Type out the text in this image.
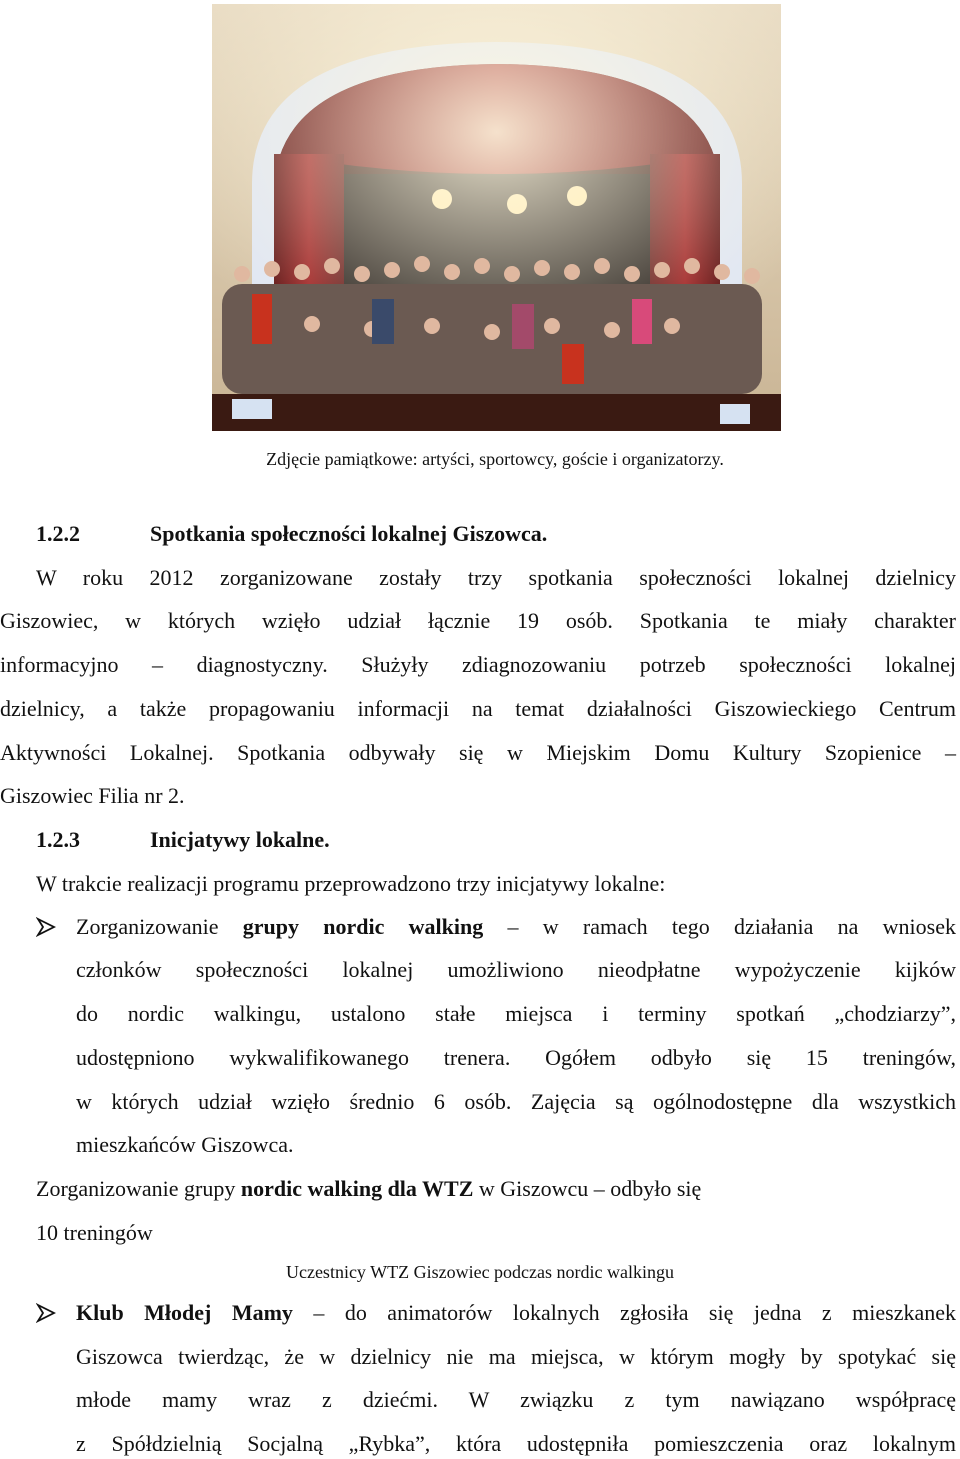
Zdjęcie pamiątkowe: artyści, sportowcy, goście i organizatorzy.
1.2.2	Spotkania społeczności lokalnej Giszowca.
W roku 2012 zorganizowane zostały trzy spotkania społeczności lokalnej dzielnicy
Giszowiec, w których wzięło udział łącznie 19 osób. Spotkania te miały charakter
informacyjno – diagnostyczny. Służyły zdiagnozowaniu potrzeb społeczności lokalnej
dzielnicy, a także propagowaniu informacji na temat działalności Giszowieckiego Centrum
Aktywności Lokalnej. Spotkania odbywały się w Miejskim Domu Kultury Szopienice –
Giszowiec Filia nr 2.
1.2.3	Inicjatywy lokalne.
W trakcie realizacji programu przeprowadzono trzy inicjatywy lokalne:
Zorganizowanie grupy nordic walking – w ramach tego działania na wniosek
członków społeczności lokalnej umożliwiono nieodpłatne wypożyczenie kijków
do nordic walkingu, ustalono stałe miejsca i terminy spotkań „chodziarzy”,
udostępniono wykwalifikowanego trenera. Ogółem odbyło się 15 treningów,
w których udział wzięło średnio 6 osób. Zajęcia są ogólnodostępne dla wszystkich
mieszkańców Giszowca.
Zorganizowanie grupy nordic walking dla WTZ w Giszowcu – odbyło się
10 treningów
Uczestnicy WTZ Giszowiec podczas nordic walkingu
Klub Młodej Mamy – do animatorów lokalnych zgłosiła się jedna z mieszkanek
Giszowca twierdząc, że w dzielnicy nie ma miejsca, w którym mogły by spotykać się
młode mamy wraz z dziećmi. W związku z tym nawiązano współpracę
z Spółdzielnią Socjalną „Rybka”, która udostępniła pomieszczenia oraz lokalnym
